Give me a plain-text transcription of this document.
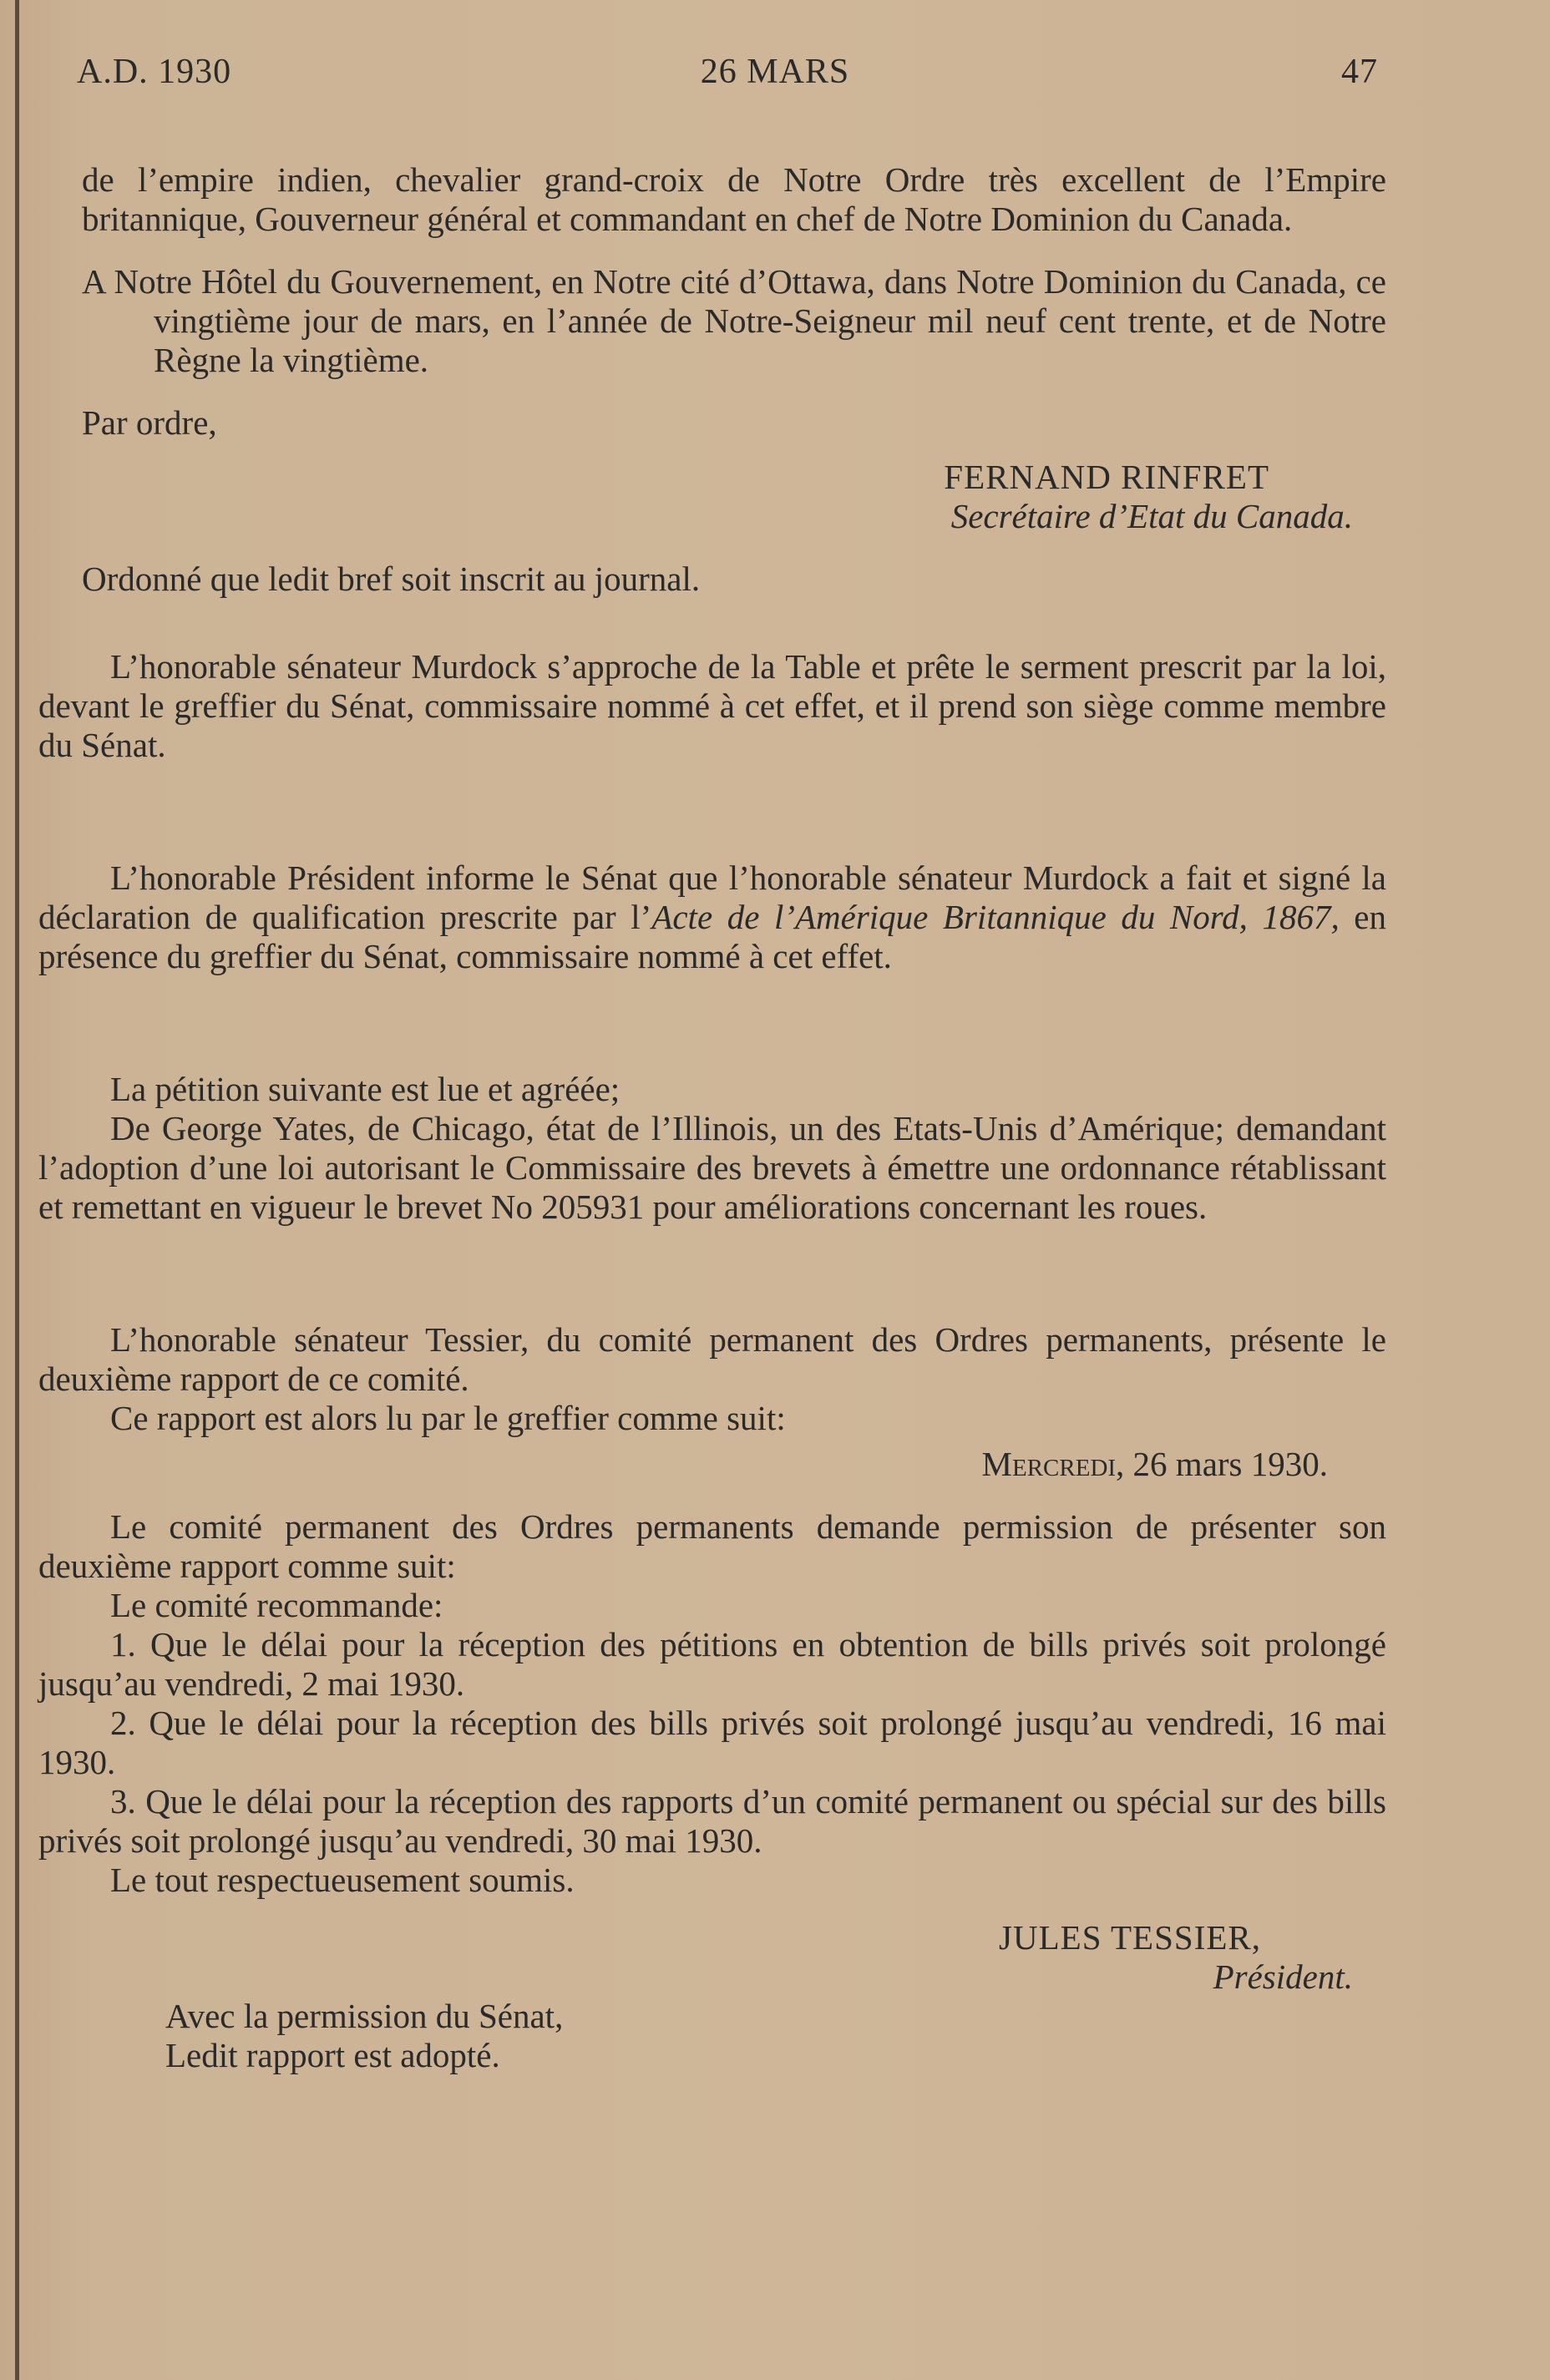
A.D. 1930	26 MARS	47

de l’empire indien, chevalier grand-croix de Notre Ordre très excellent de l’Empire britannique, Gouverneur général et commandant en chef de Notre Dominion du Canada.

A Notre Hôtel du Gouvernement, en Notre cité d’Ottawa, dans Notre Dominion du Canada, ce vingtième jour de mars, en l’année de Notre-Seigneur mil neuf cent trente, et de Notre Règne la vingtième.

Par ordre,

FERNAND RINFRET

Secrétaire d’Etat du Canada.

Ordonné que ledit bref soit inscrit au journal.

L’honorable sénateur Murdock s’approche de la Table et prête le serment prescrit par la loi, devant le greffier du Sénat, commissaire nommé à cet effet, et il prend son siège comme membre du Sénat.

L’honorable Président informe le Sénat que l’honorable sénateur Murdock a fait et signé la déclaration de qualification prescrite par l’Acte de l’Amérique Britannique du Nord, 1867, en présence du greffier du Sénat, commissaire nommé à cet effet.

La pétition suivante est lue et agréée;

De George Yates, de Chicago, état de l’Illinois, un des Etats-Unis d’Amérique; demandant l’adoption d’une loi autorisant le Commissaire des brevets à émettre une ordonnance rétablissant et remettant en vigueur le brevet No 205931 pour améliorations concernant les roues.

L’honorable sénateur Tessier, du comité permanent des Ordres permanents, présente le deuxième rapport de ce comité.

Ce rapport est alors lu par le greffier comme suit:

Mercredi, 26 mars 1930.

Le comité permanent des Ordres permanents demande permission de présenter son deuxième rapport comme suit:

Le comité recommande:

1. Que le délai pour la réception des pétitions en obtention de bills privés soit prolongé jusqu’au vendredi, 2 mai 1930.

2. Que le délai pour la réception des bills privés soit prolongé jusqu’au vendredi, 16 mai 1930.

3. Que le délai pour la réception des rapports d’un comité permanent ou spécial sur des bills privés soit prolongé jusqu’au vendredi, 30 mai 1930.

Le tout respectueusement soumis.

JULES TESSIER,

Président.

Avec la permission du Sénat,

Ledit rapport est adopté.
